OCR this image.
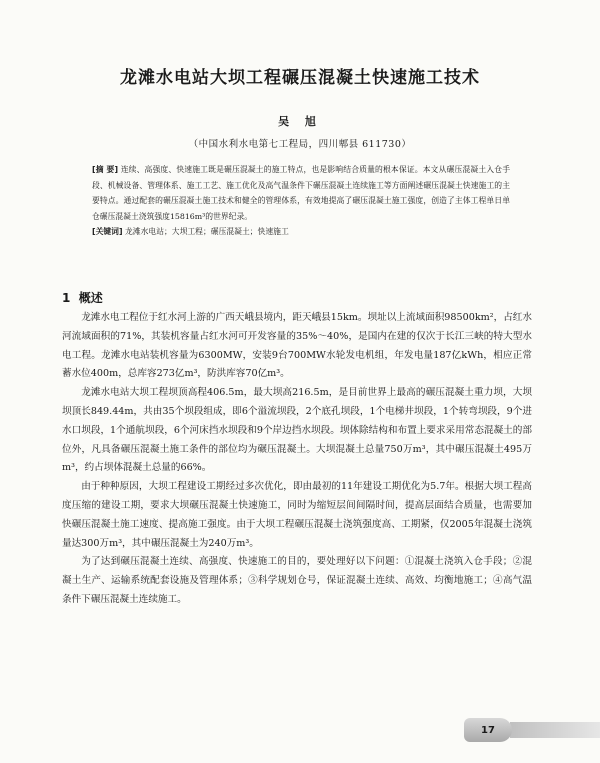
龙滩水电站大坝工程碾压混凝土快速施工技术
吴 旭
（中国水利水电第七工程局，四川郫县 611730）

[摘 要] 连续、高强度、快速施工既是碾压混凝土的施工特点，也是影响结合质量的根本保证。本文从碾压混凝土入仓手段、机械设备、管理体系、施工工艺、施工优化及高气温条件下碾压混凝土连续施工等方面阐述碾压混凝土快速施工的主要特点。通过配套的碾压混凝土施工技术和健全的管理体系，有效地提高了碾压混凝土施工强度，创造了主体工程单日单仓碾压混凝土浇筑强度15816m³的世界纪录。

[关键词] 龙滩水电站；大坝工程；碾压混凝土；快速施工

1 概述

龙滩水电工程位于红水河上游的广西天峨县境内，距天峨县15km。坝址以上流域面积98500km²，占红水河流域面积的71%，其装机容量占红水河可开发容量的35%～40%，是国内在建的仅次于长江三峡的特大型水电工程。龙滩水电站装机容量为6300MW，安装9台700MW水轮发电机组，年发电量187亿kWh，相应正常蓄水位400m，总库容273亿m³，防洪库容70亿m³。

龙滩水电站大坝工程坝顶高程406.5m，最大坝高216.5m，是目前世界上最高的碾压混凝土重力坝，大坝坝顶长849.44m，共由35个坝段组成，即6个溢流坝段，2个底孔坝段，1个电梯井坝段，1个转弯坝段，9个进水口坝段，1个通航坝段，6个河床挡水坝段和9个岸边挡水坝段。坝体除结构和布置上要求采用常态混凝土的部位外，凡具备碾压混凝土施工条件的部位均为碾压混凝土。大坝混凝土总量750万m³，其中碾压混凝土495万m³，约占坝体混凝土总量的66%。

由于种种原因，大坝工程建设工期经过多次优化，即由最初的11年建设工期优化为5.7年。根据大坝工程高度压缩的建设工期，要求大坝碾压混凝土快速施工，同时为缩短层间间隔时间，提高层面结合质量，也需要加快碾压混凝土施工速度、提高施工强度。由于大坝工程碾压混凝土浇筑强度高、工期紧，仅2005年混凝土浇筑量达300万m³，其中碾压混凝土为240万m³。

为了达到碾压混凝土连续、高强度、快速施工的目的，要处理好以下问题：①混凝土浇筑入仓手段；②混凝土生产、运输系统配套设施及管理体系；③科学规划仓号，保证混凝土连续、高效、均衡地施工；④高气温条件下碾压混凝土连续施工。

17
